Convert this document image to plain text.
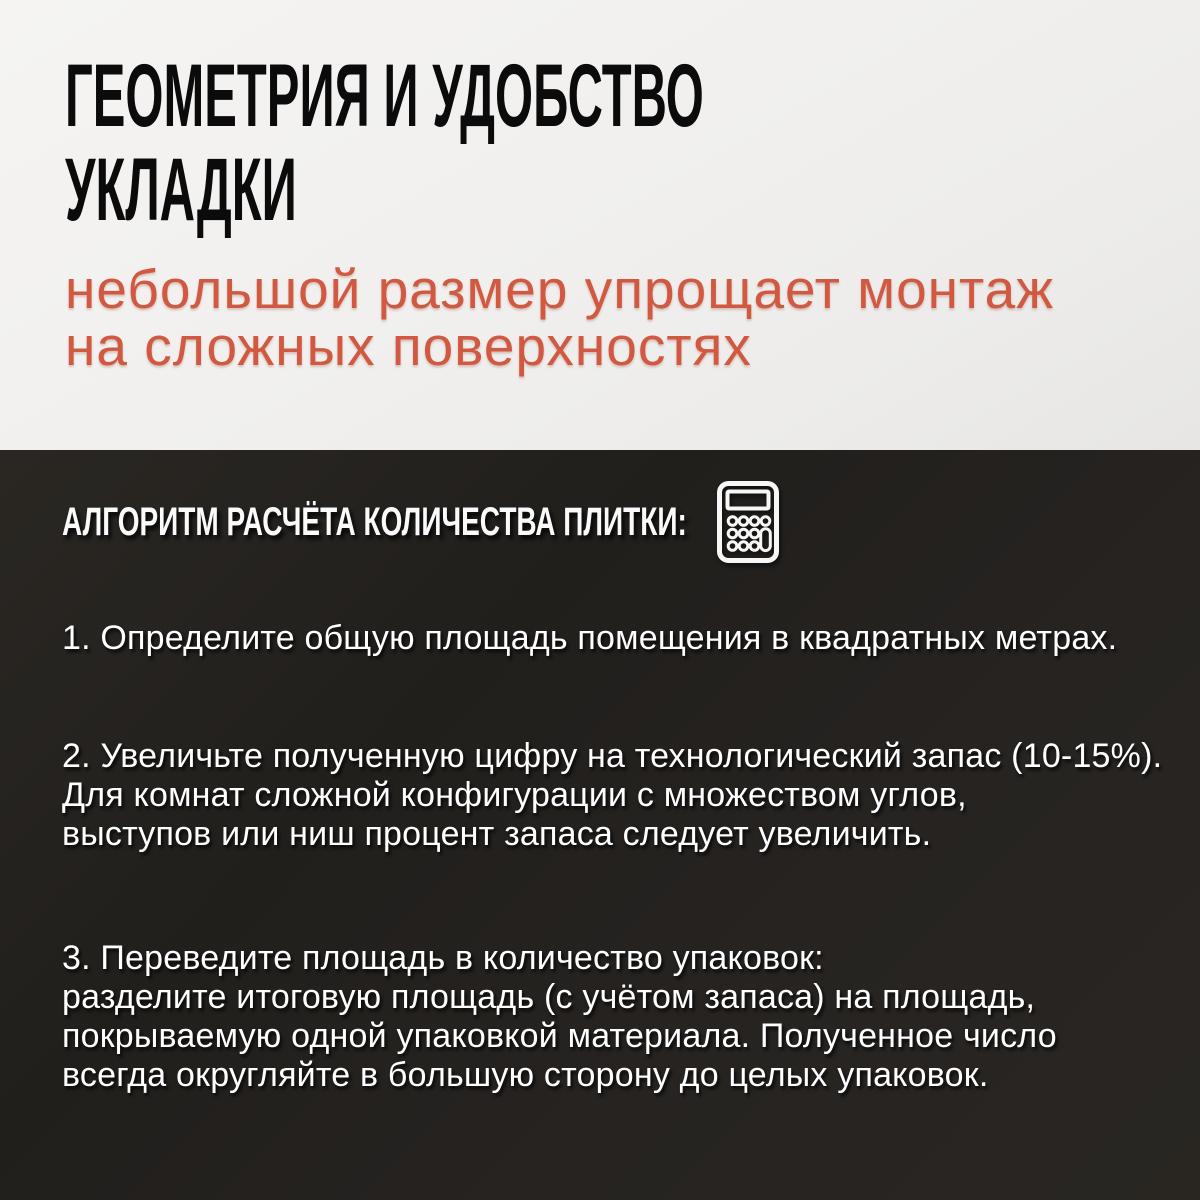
ГЕОМЕТРИЯ И УДОБСТВО
УКЛАДКИ

небольшой размер упрощает монтаж
на сложных поверхностях

АЛГОРИТМ РАСЧЁТА КОЛИЧЕСТВА ПЛИТКИ:

1. Определите общую площадь помещения в квадратных метрах.

2. Увеличьте полученную цифру на технологический запас (10-15%).
Для комнат сложной конфигурации с множеством углов,
выступов или ниш процент запаса следует увеличить.

3. Переведите площадь в количество упаковок:
разделите итоговую площадь (с учётом запаса) на площадь,
покрываемую одной упаковкой материала. Полученное число
всегда округляйте в большую сторону до целых упаковок.
